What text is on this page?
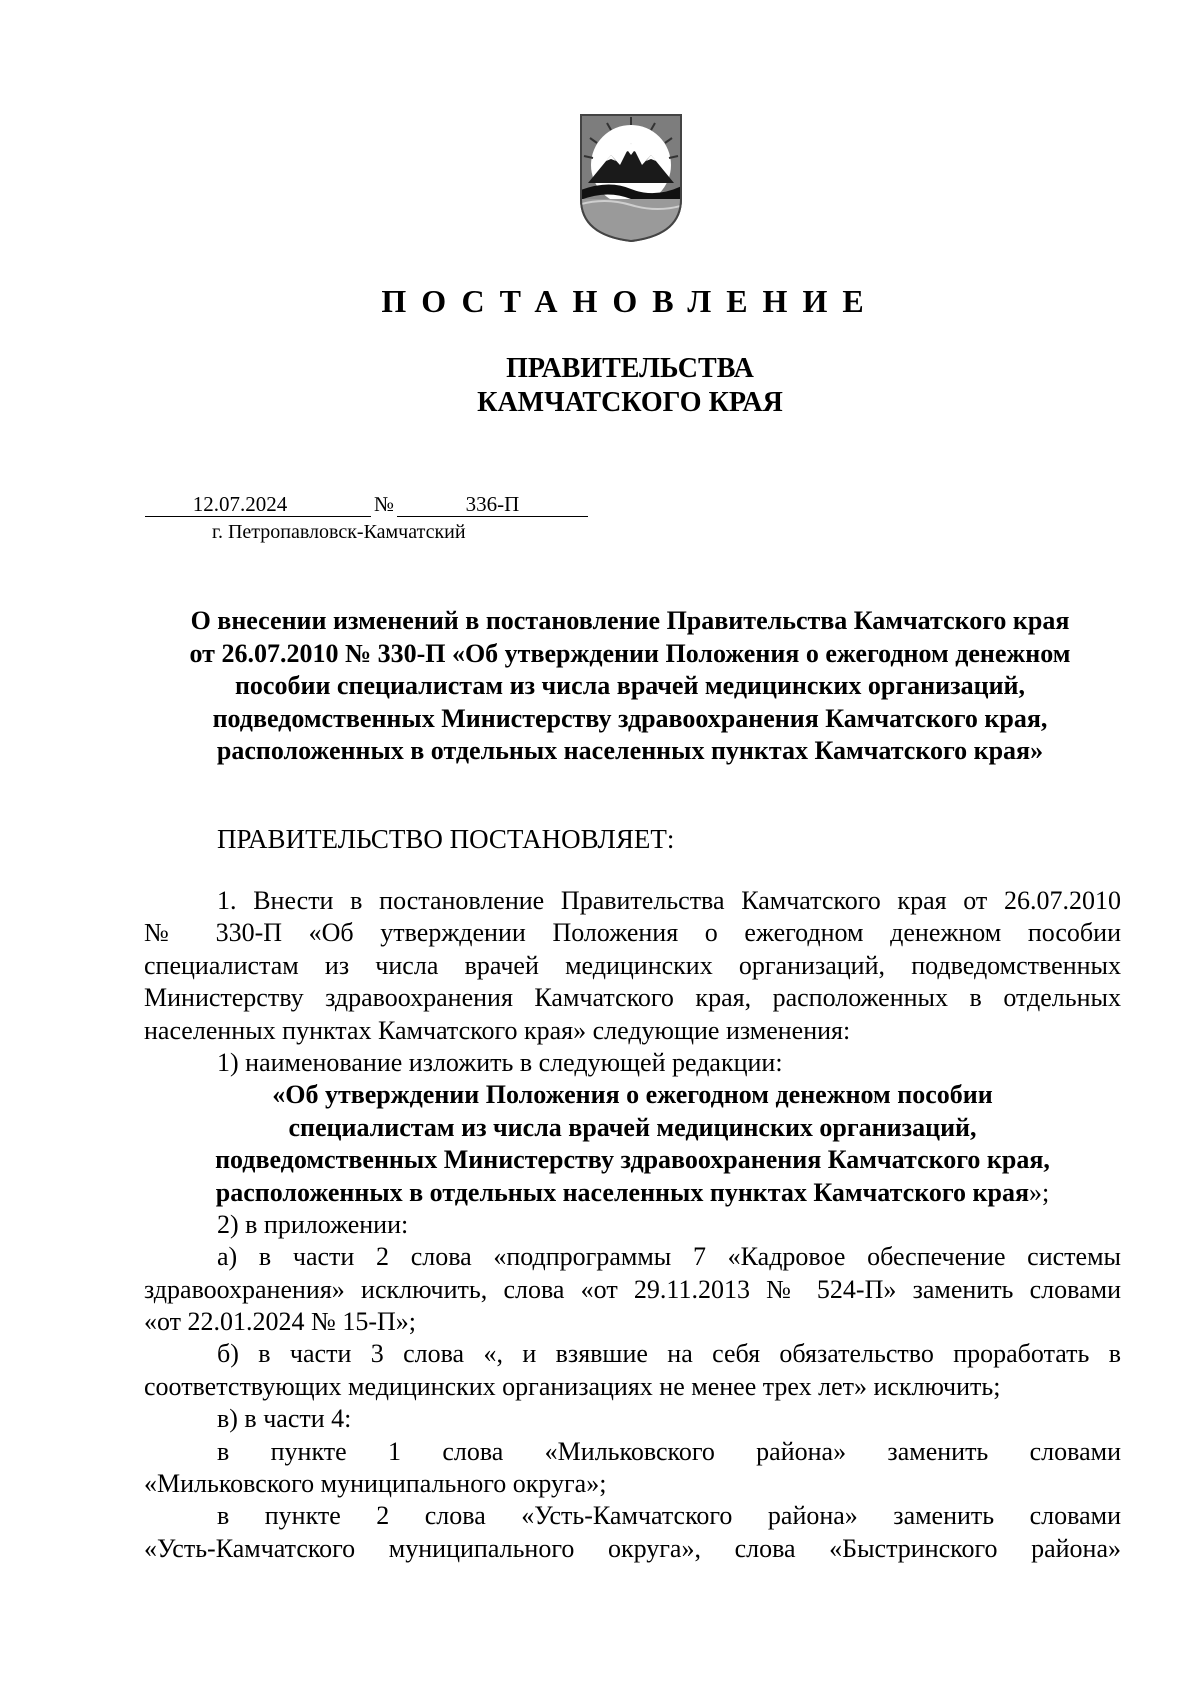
ПОСТАНОВЛЕНИЕ
ПРАВИТЕЛЬСТВА
КАМЧАТСКОГО КРАЯ
12.07.2024	№	336-П
г. Петропавловск-Камчатский
О внесении изменений в постановление Правительства Камчатского края
от 26.07.2010 № 330-П «Об утверждении Положения о ежегодном денежном
пособии специалистам из числа врачей медицинских организаций,
подведомственных Министерству здравоохранения Камчатского края,
расположенных в отдельных населенных пунктах Камчатского края»
ПРАВИТЕЛЬСТВО ПОСТАНОВЛЯЕТ:
1. Внести в постановление Правительства Камчатского края от 26.07.2010
№ 330-П «Об утверждении Положения о ежегодном денежном пособии
специалистам из числа врачей медицинских организаций, подведомственных
Министерству здравоохранения Камчатского края, расположенных в отдельных
населенных пунктах Камчатского края» следующие изменения:
1) наименование изложить в следующей редакции:
«Об утверждении Положения о ежегодном денежном пособии
специалистам из числа врачей медицинских организаций,
подведомственных Министерству здравоохранения Камчатского края,
расположенных в отдельных населенных пунктах Камчатского края»;
2) в приложении:
а) в части 2 слова «подпрограммы 7 «Кадровое обеспечение системы
здравоохранения» исключить, слова «от 29.11.2013 № 524-П» заменить словами
«от 22.01.2024 № 15-П»;
б) в части 3 слова «, и взявшие на себя обязательство проработать в
соответствующих медицинских организациях не менее трех лет» исключить;
в) в части 4:
в пункте 1 слова «Мильковского района» заменить словами
«Мильковского муниципального округа»;
в пункте 2 слова «Усть-Камчатского района» заменить словами
«Усть-Камчатского муниципального округа», слова «Быстринского района»
